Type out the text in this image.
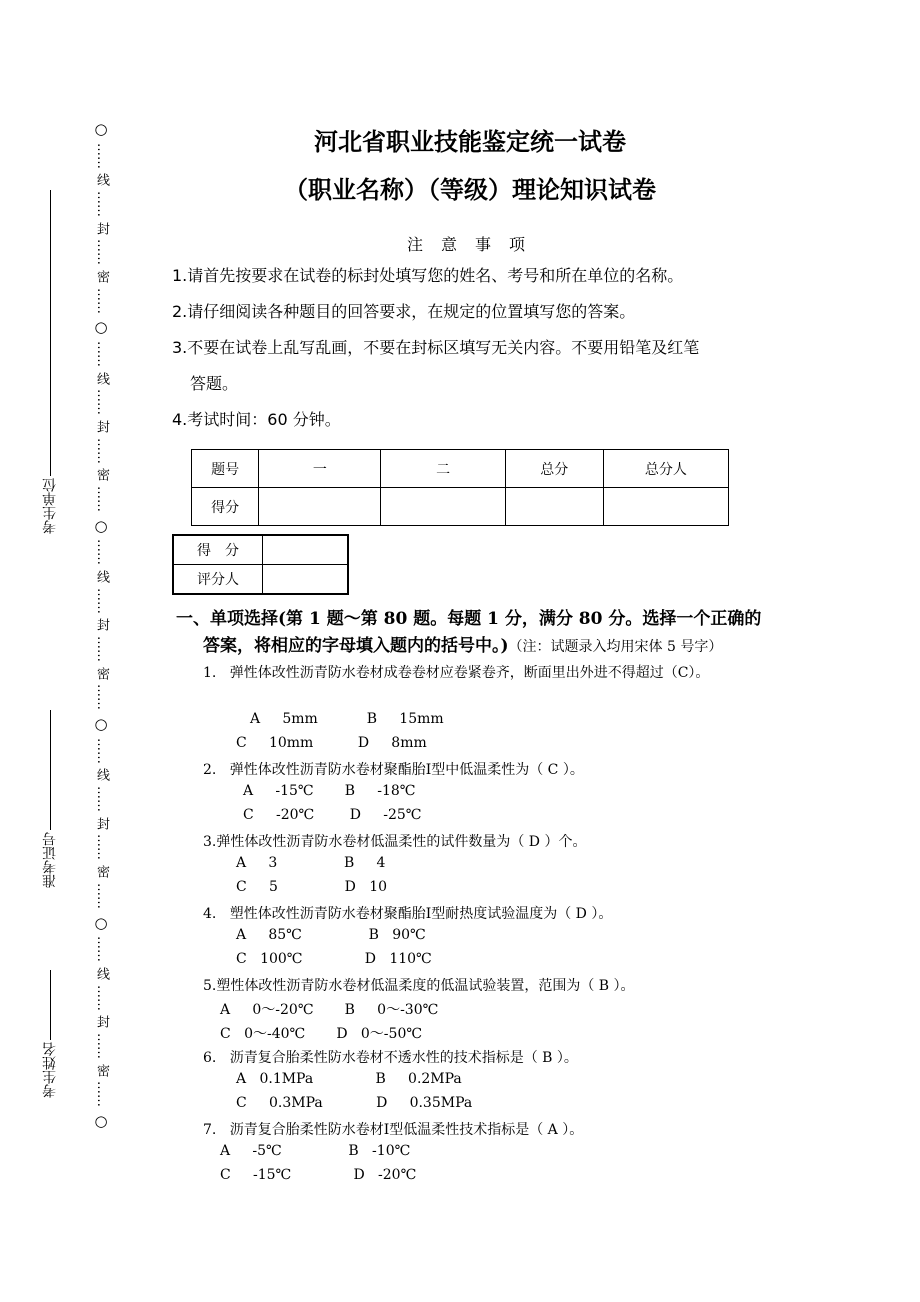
○
……
密
……
封
……
线
……
○
……
密
……
封
……
线
……
○
……
密
……
封
……
线
……
○
……
密
……
封
……
线
……
○
……
密
……
封
……
线
……
○
考生姓名
准考证号
考生单位
河北省职业技能鉴定统一试卷
（职业名称）（等级）理论知识试卷
注意事项
1.请首先按要求在试卷的标封处填写您的姓名、考号和所在单位的名称。
2.请仔细阅读各种题目的回答要求，在规定的位置填写您的答案。
3.不要在试卷上乱写乱画，不要在封标区填写无关内容。不要用铅笔及红笔
答题。
4.考试时间：60 分钟。
题号	一	二	总分	总分人
得分				
得　分	
评分人	
一、单项选择(第 1 题～第 80 题。每题 1 分，满分 80 分。选择一个正确的
答案，将相应的字母填入题内的括号中。)（注：试题录入均用宋体 5 号字）
1.   弹性体改性沥青防水卷材成卷卷材应卷紧卷齐，断面里出外进不得超过（C）。
A     5mm           B     15mm
C     10mm          D     8mm
2.   弹性体改性沥青防水卷材聚酯胎Ⅰ型中低温柔性为（ C ）。
A     -15℃       B     -18℃
C     -20℃        D     -25℃
3.弹性体改性沥青防水卷材低温柔性的试件数量为（ D ）个。
A     3               B     4
C     5               D   10
4.   塑性体改性沥青防水卷材聚酯胎Ⅰ型耐热度试验温度为（ D ）。
A     85℃               B   90℃
C   100℃              D   110℃
5.塑性体改性沥青防水卷材低温柔度的低温试验装置，范围为（ B ）。
A     0～-20℃       B     0～-30℃
C   0～-40℃       D   0～-50℃
6.   沥青复合胎柔性防水卷材不透水性的技术指标是（ B ）。
A   0.1MPa              B     0.2MPa
C     0.3MPa            D     0.35MPa
7.   沥青复合胎柔性防水卷材Ⅰ型低温柔性技术指标是（ A ）。
A     -5℃               B   -10℃
C     -15℃              D   -20℃
